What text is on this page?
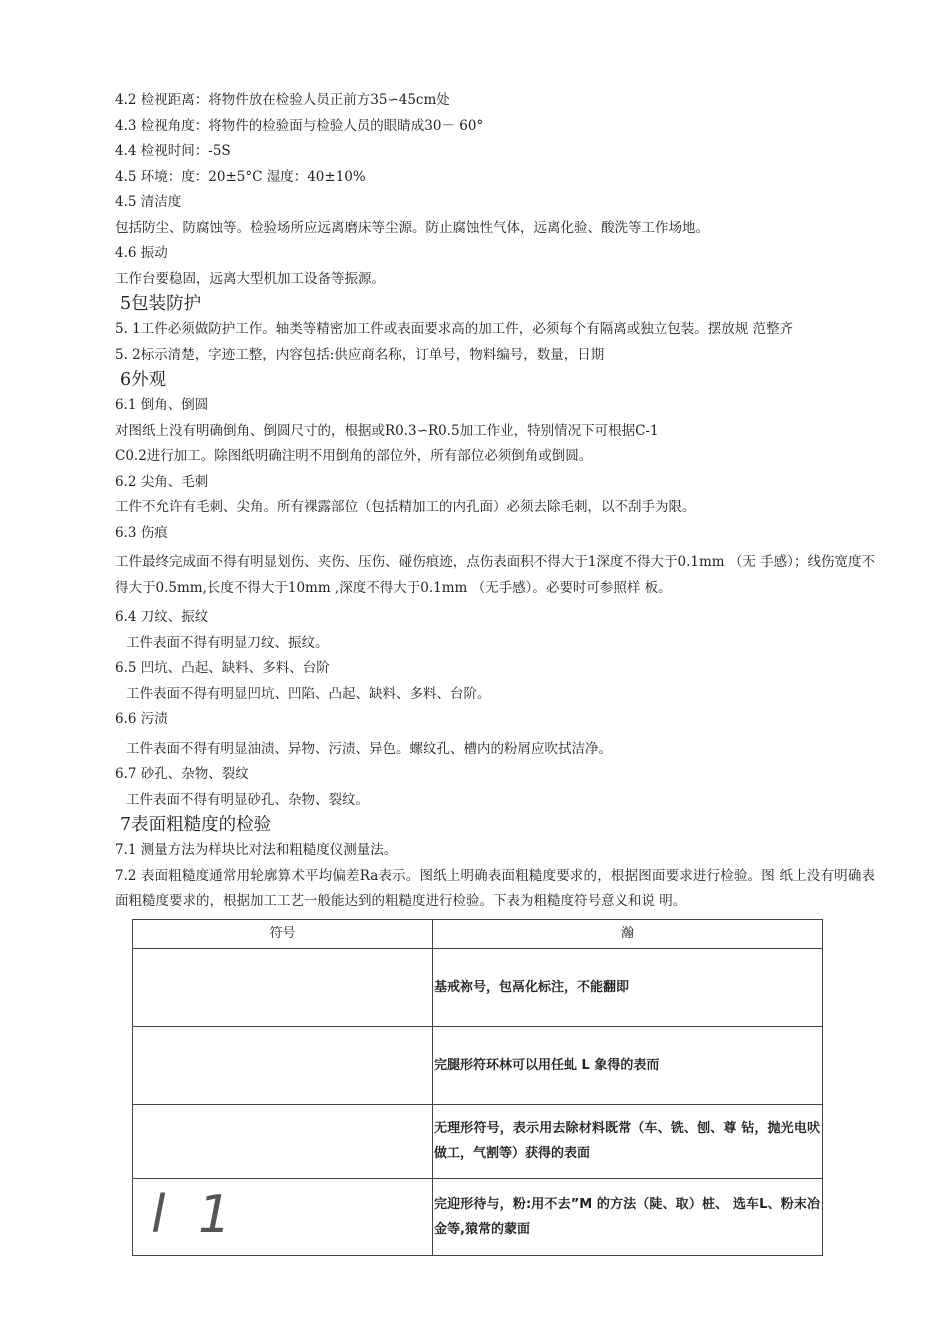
4.2 检视距离：将物件放在检验人员正前方35∽45cm处
4.3 检视角度：将物件的检验面与检验人员的眼睛成30－ 60°
4.4 检视时间：-5S
4.5 环境：度：20±5°C 湿度：40±10%
4.5 清洁度
包括防尘、防腐蚀等。检验场所应远离磨床等尘源。防止腐蚀性气体，远离化验、酸洗等工作场地。
4.6 振动
工作台要稳固，远离大型机加工设备等振源。
5包装防护
5. 1工件必须做防护工作。轴类等精密加工件或表面要求高的加工件，必须每个有隔离或独立包装。摆放规 范整齐
5. 2标示清楚，字迹工整，内容包括:供应商名称，订单号，物料编号，数量，日期
6外观
6.1 倒角、倒圆
对图纸上没有明确倒角、倒圆尺寸的，根据或R0.3∽R0.5加工作业，特别情况下可根据C-1
C0.2进行加工。除图纸明确注明不用倒角的部位外，所有部位必须倒角或倒圆。
6.2 尖角、毛刺
工件不允许有毛刺、尖角。所有裸露部位（包括精加工的内孔面）必须去除毛刺，以不刮手为限。
6.3 伤痕
工件最终完成面不得有明显划伤、夹伤、压伤、碰伤痕迹，点伤表面积不得大于1深度不得大于0.1mm （无 手感）；线伤宽度不得大于0.5mm,长度不得大于10mm ,深度不得大于0.1mm （无手感）。必要时可参照样 板。
6.4 刀纹、振纹
工件表面不得有明显刀纹、振纹。
6.5 凹坑、凸起、缺料、多料、台阶
工件表面不得有明显凹坑、凹陷、凸起、缺料、多料、台阶。
6.6 污渍
工件表面不得有明显油渍、异物、污渍、异色。螺纹孔、槽内的粉屑应吹拭洁净。
6.7 砂孔、杂物、裂纹
工件表面不得有明显砂孔、杂物、裂纹。
7表面粗糙度的检验
7.1 测量方法为样块比对法和粗糙度仪测量法。
7.2 表面粗糙度通常用轮廓算术平均偏差Ra表示。图纸上明确表面粗糙度要求的，根据图面要求进行检验。图 纸上没有明确表面粗糙度要求的，根据加工工艺一般能达到的粗糙度进行检验。下表为粗糙度符号意义和说 明。
符号	瀚
	基戒祢号，包鬲化标注，不能翻即
	完腿形符环林可以用任虬 L 象得的表而
	无理形符号，表示用去除材料既常（车、铣、刨、尊 钻，抛光电吠做工，气割等）获得的表面

l 1	完迎形待与，粉:用不去”M 的方法（陡、取）桩、 选车L、粉末冶金等,猿常的蒙面
